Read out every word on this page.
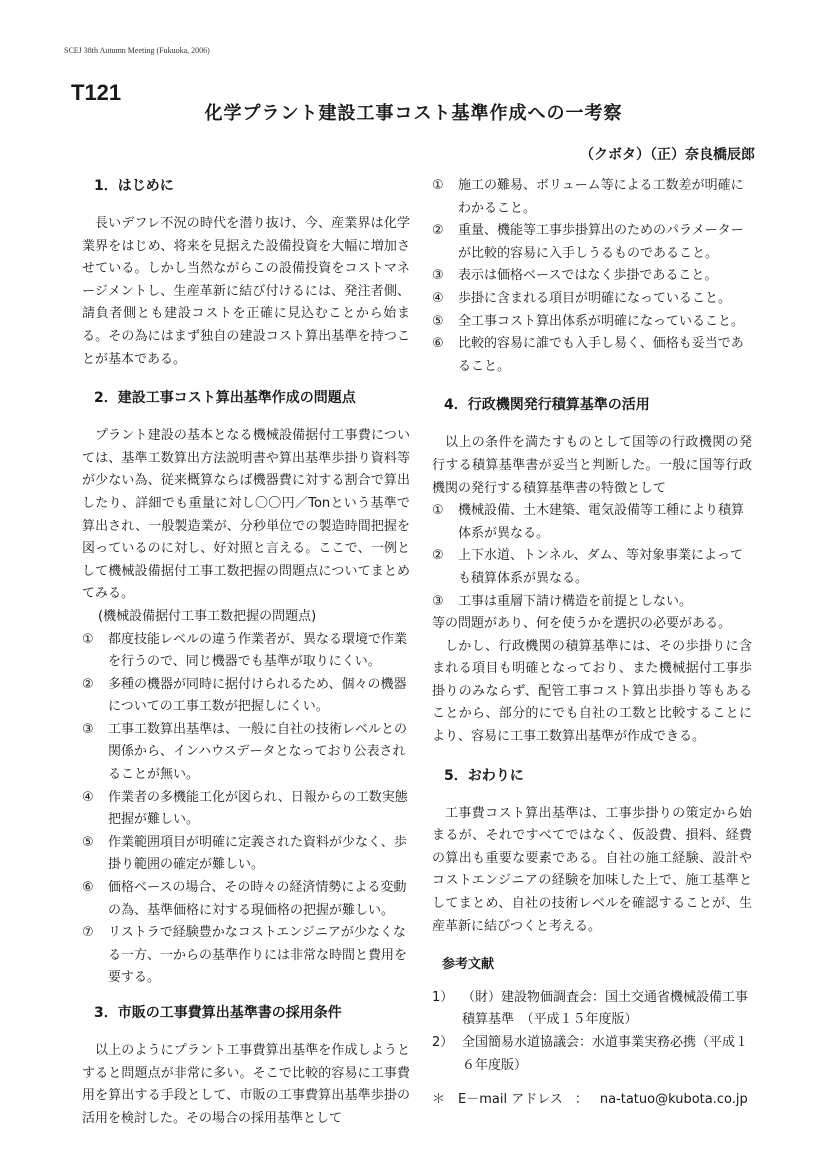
SCEJ 38th Autumn Meeting (Fukuoka, 2006)
T121
化学プラント建設工事コスト基準作成への一考察
（クボタ）（正）奈良橋辰郎
1．はじめに

長いデフレ不況の時代を潜り抜け、今、産業界は化学業界をはじめ、将来を見据えた設備投資を大幅に増加させている。しかし当然ながらこの設備投資をコストマネージメントし、生産革新に結び付けるには、発注者側、請負者側とも建設コストを正確に見込むことから始まる。その為にはまず独自の建設コスト算出基準を持つことが基本である。

2．建設工事コスト算出基準作成の問題点

プラント建設の基本となる機械設備据付工事費については、基準工数算出方法説明書や算出基準歩掛り資料等が少ない為、従来概算ならば機器費に対する割合で算出したり、詳細でも重量に対し〇〇円／Tonという基準で算出され、一般製造業が、分秒単位での製造時間把握を図っているのに対し、好対照と言える。ここで、一例として機械設備据付工事工数把握の問題点についてまとめてみる。

(機械設備据付工事工数把握の問題点)

①	都度技能レベルの違う作業者が、異なる環境で作業を行うので、同じ機器でも基準が取りにくい。
②	多種の機器が同時に据付けられるため、個々の機器についての工事工数が把握しにくい。
③	工事工数算出基準は、一般に自社の技術レベルとの関係から、インハウスデータとなっており公表されることが無い。
④	作業者の多機能工化が図られ、日報からの工数実態把握が難しい。
⑤	作業範囲項目が明確に定義された資料が少なく、歩掛り範囲の確定が難しい。
⑥	価格ベースの場合、その時々の経済情勢による変動の為、基準価格に対する現価格の把握が難しい。
⑦	リストラで経験豊かなコストエンジニアが少なくなる一方、一からの基準作りには非常な時間と費用を要する。
3．市販の工事費算出基準書の採用条件

以上のようにプラント工事費算出基準を作成しようとすると問題点が非常に多い。そこで比較的容易に工事費用を算出する手段として、市販の工事費算出基準歩掛の活用を検討した。その場合の採用基準として

①	施工の難易、ボリューム等による工数差が明確にわかること。
②	重量、機能等工事歩掛算出のためのパラメーターが比較的容易に入手しうるものであること。
③	表示は価格ベースではなく歩掛であること。
④	歩掛に含まれる項目が明確になっていること。
⑤	全工事コスト算出体系が明確になっていること。
⑥	比較的容易に誰でも入手し易く、価格も妥当であること。
4．行政機関発行積算基準の活用

以上の条件を満たすものとして国等の行政機関の発行する積算基準書が妥当と判断した。一般に国等行政機関の発行する積算基準書の特徴として

①	機械設備、土木建築、電気設備等工種により積算体系が異なる。
②	上下水道、トンネル、ダム、等対象事業によっても積算体系が異なる。
③	工事は重層下請け構造を前提としない。

等の問題があり、何を使うかを選択の必要がある。

しかし、行政機関の積算基準には、その歩掛りに含まれる項目も明確となっており、また機械据付工事歩掛りのみならず、配管工事コスト算出歩掛り等もあることから、部分的にでも自社の工数と比較することにより、容易に工事工数算出基準が作成できる。

5．おわりに

工事費コスト算出基準は、工事歩掛りの策定から始まるが、それですべてではなく、仮設費、損料、経費の算出も重要な要素である。自社の施工経験、設計やコストエンジニアの経験を加味した上で、施工基準としてまとめ、自社の技術レベルを確認することが、生産革新に結びつくと考える。

参考文献

1） （財）建設物価調査会：国土交通省機械設備工事積算基準　（平成１５年度版）
2） 全国簡易水道協議会：水道事業実務必携（平成１６年度版）

＊ E－mail アドレス ： na-tatuo@kubota.co.jp
